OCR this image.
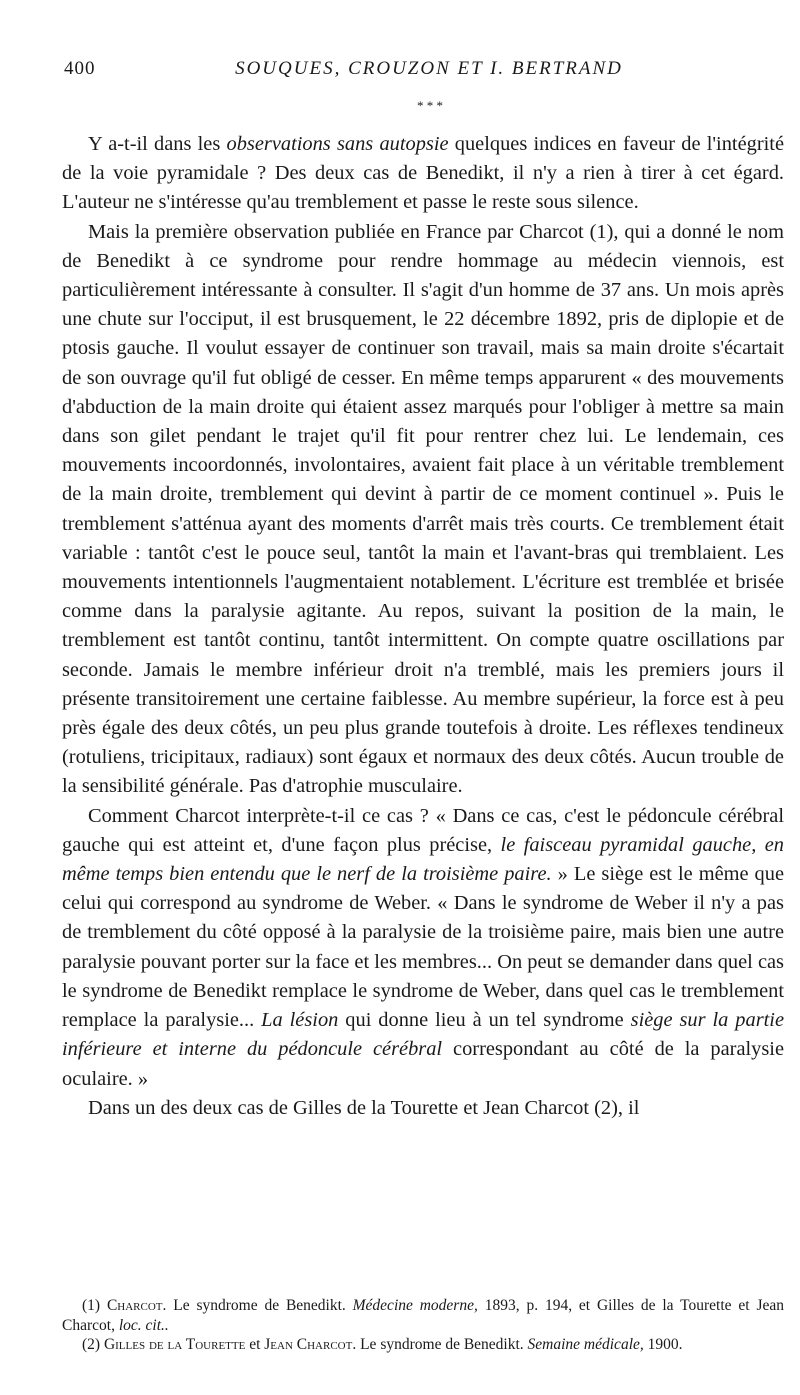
400	SOUQUES, CROUZON ET I. BERTRAND
* * *

Y a-t-il dans les observations sans autopsie quelques indices en faveur de l'intégrité de la voie pyramidale ? Des deux cas de Benedikt, il n'y a rien à tirer à cet égard. L'auteur ne s'intéresse qu'au tremblement et passe le reste sous silence.

Mais la première observation publiée en France par Charcot (1), qui a donné le nom de Benedikt à ce syndrome pour rendre hommage au médecin viennois, est particulièrement intéressante à consulter. Il s'agit d'un homme de 37 ans. Un mois après une chute sur l'occiput, il est brusquement, le 22 décembre 1892, pris de diplopie et de ptosis gauche. Il voulut essayer de continuer son travail, mais sa main droite s'écartait de son ouvrage qu'il fut obligé de cesser. En même temps apparurent « des mouvements d'abduction de la main droite qui étaient assez marqués pour l'obliger à mettre sa main dans son gilet pendant le trajet qu'il fit pour rentrer chez lui. Le lendemain, ces mouvements incoordonnés, involontaires, avaient fait place à un véritable tremblement de la main droite, tremblement qui devint à partir de ce moment continuel ». Puis le tremblement s'atténua ayant des moments d'arrêt mais très courts. Ce tremblement était variable : tantôt c'est le pouce seul, tantôt la main et l'avant-bras qui tremblaient. Les mouvements intentionnels l'augmentaient notablement. L'écriture est tremblée et brisée comme dans la paralysie agitante. Au repos, suivant la position de la main, le tremblement est tantôt continu, tantôt intermittent. On compte quatre oscillations par seconde. Jamais le membre inférieur droit n'a tremblé, mais les premiers jours il présente transitoirement une certaine faiblesse. Au membre supérieur, la force est à peu près égale des deux côtés, un peu plus grande toutefois à droite. Les réflexes tendineux (rotuliens, tricipitaux, radiaux) sont égaux et normaux des deux côtés. Aucun trouble de la sensibilité générale. Pas d'atrophie musculaire.

Comment Charcot interprète-t-il ce cas ? « Dans ce cas, c'est le pédoncule cérébral gauche qui est atteint et, d'une façon plus précise, le faisceau pyramidal gauche, en même temps bien entendu que le nerf de la troisième paire. » Le siège est le même que celui qui correspond au syndrome de Weber. « Dans le syndrome de Weber il n'y a pas de tremblement du côté opposé à la paralysie de la troisième paire, mais bien une autre paralysie pouvant porter sur la face et les membres... On peut se demander dans quel cas le syndrome de Benedikt remplace le syndrome de Weber, dans quel cas le tremblement remplace la paralysie... La lésion qui donne lieu à un tel syndrome siège sur la partie inférieure et interne du pédoncule cérébral correspondant au côté de la paralysie oculaire. »

Dans un des deux cas de Gilles de la Tourette et Jean Charcot (2), il

(1) Charcot. Le syndrome de Benedikt. Médecine moderne, 1893, p. 194, et Gilles de la Tourette et Jean Charcot, loc. cit..

(2) Gilles de la Tourette et Jean Charcot. Le syndrome de Benedikt. Semaine médicale, 1900.
